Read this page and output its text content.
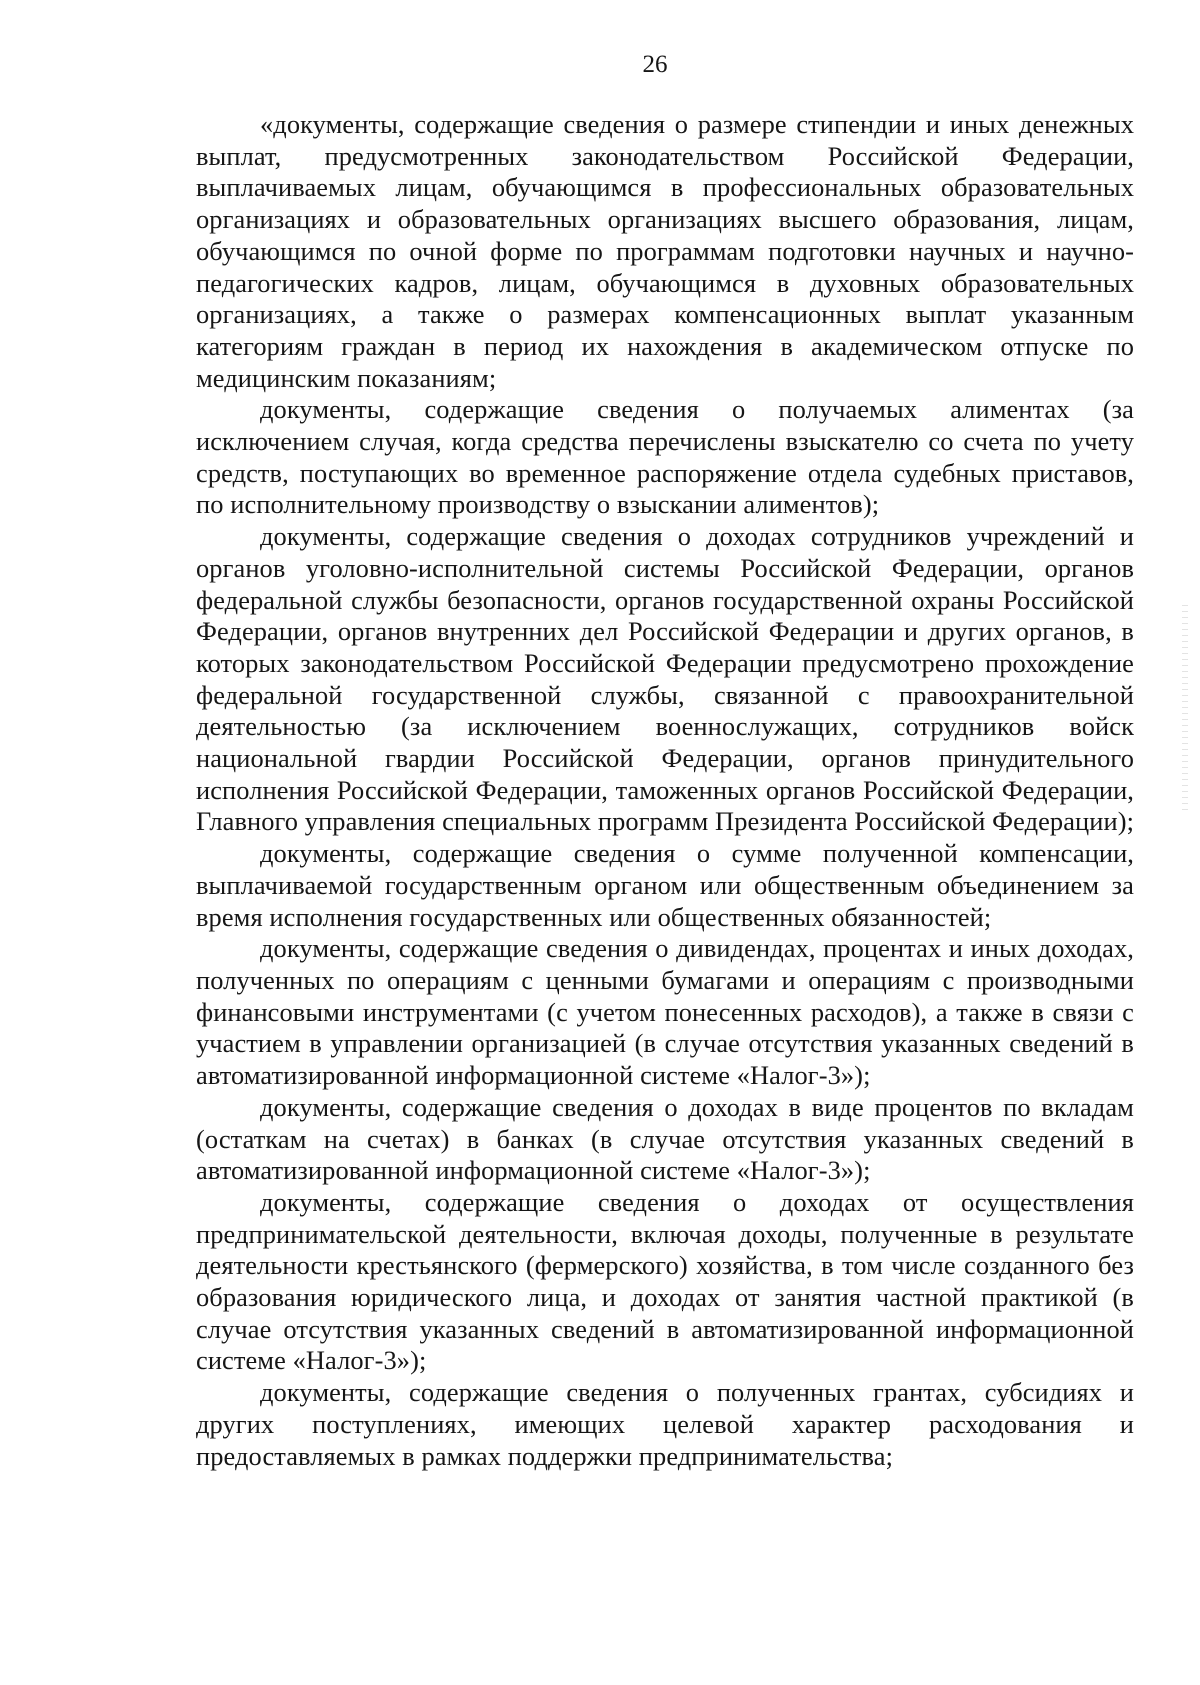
26

«документы, содержащие сведения о размере стипендии и иных денежных выплат, предусмотренных законодательством Российской Федерации, выплачиваемых лицам, обучающимся в профессиональных образовательных организациях и образовательных организациях высшего образования, лицам, обучающимся по очной форме по программам подготовки научных и научно-педагогических кадров, лицам, обучающимся в духовных образовательных организациях, а также о размерах компенсационных выплат указанным категориям граждан в период их нахождения в академическом отпуске по медицинским показаниям;

документы, содержащие сведения о получаемых алиментах (за исключением случая, когда средства перечислены взыскателю со счета по учету средств, поступающих во временное распоряжение отдела судебных приставов, по исполнительному производству о взыскании алиментов);

документы, содержащие сведения о доходах сотрудников учреждений и органов уголовно-исполнительной системы Российской Федерации, органов федеральной службы безопасности, органов государственной охраны Российской Федерации, органов внутренних дел Российской Федерации и других органов, в которых законодательством Российской Федерации предусмотрено прохождение федеральной государственной службы, связанной с правоохранительной деятельностью (за исключением военнослужащих, сотрудников войск национальной гвардии Российской Федерации, органов принудительного исполнения Российской Федерации, таможенных органов Российской Федерации, Главного управления специальных программ Президента Российской Федерации);

документы, содержащие сведения о сумме полученной компенсации, выплачиваемой государственным органом или общественным объединением за время исполнения государственных или общественных обязанностей;

документы, содержащие сведения о дивидендах, процентах и иных доходах, полученных по операциям с ценными бумагами и операциям с производными финансовыми инструментами (с учетом понесенных расходов), а также в связи с участием в управлении организацией (в случае отсутствия указанных сведений в автоматизированной информационной системе «Налог-3»);

документы, содержащие сведения о доходах в виде процентов по вкладам (остаткам на счетах) в банках (в случае отсутствия указанных сведений в автоматизированной информационной системе «Налог-3»);

документы, содержащие сведения о доходах от осуществления предпринимательской деятельности, включая доходы, полученные в результате деятельности крестьянского (фермерского) хозяйства, в том числе созданного без образования юридического лица, и доходах от занятия частной практикой (в случае отсутствия указанных сведений в автоматизированной информационной системе «Налог-3»);

документы, содержащие сведения о полученных грантах, субсидиях и других поступлениях, имеющих целевой характер расходования и предоставляемых в рамках поддержки предпринимательства;
